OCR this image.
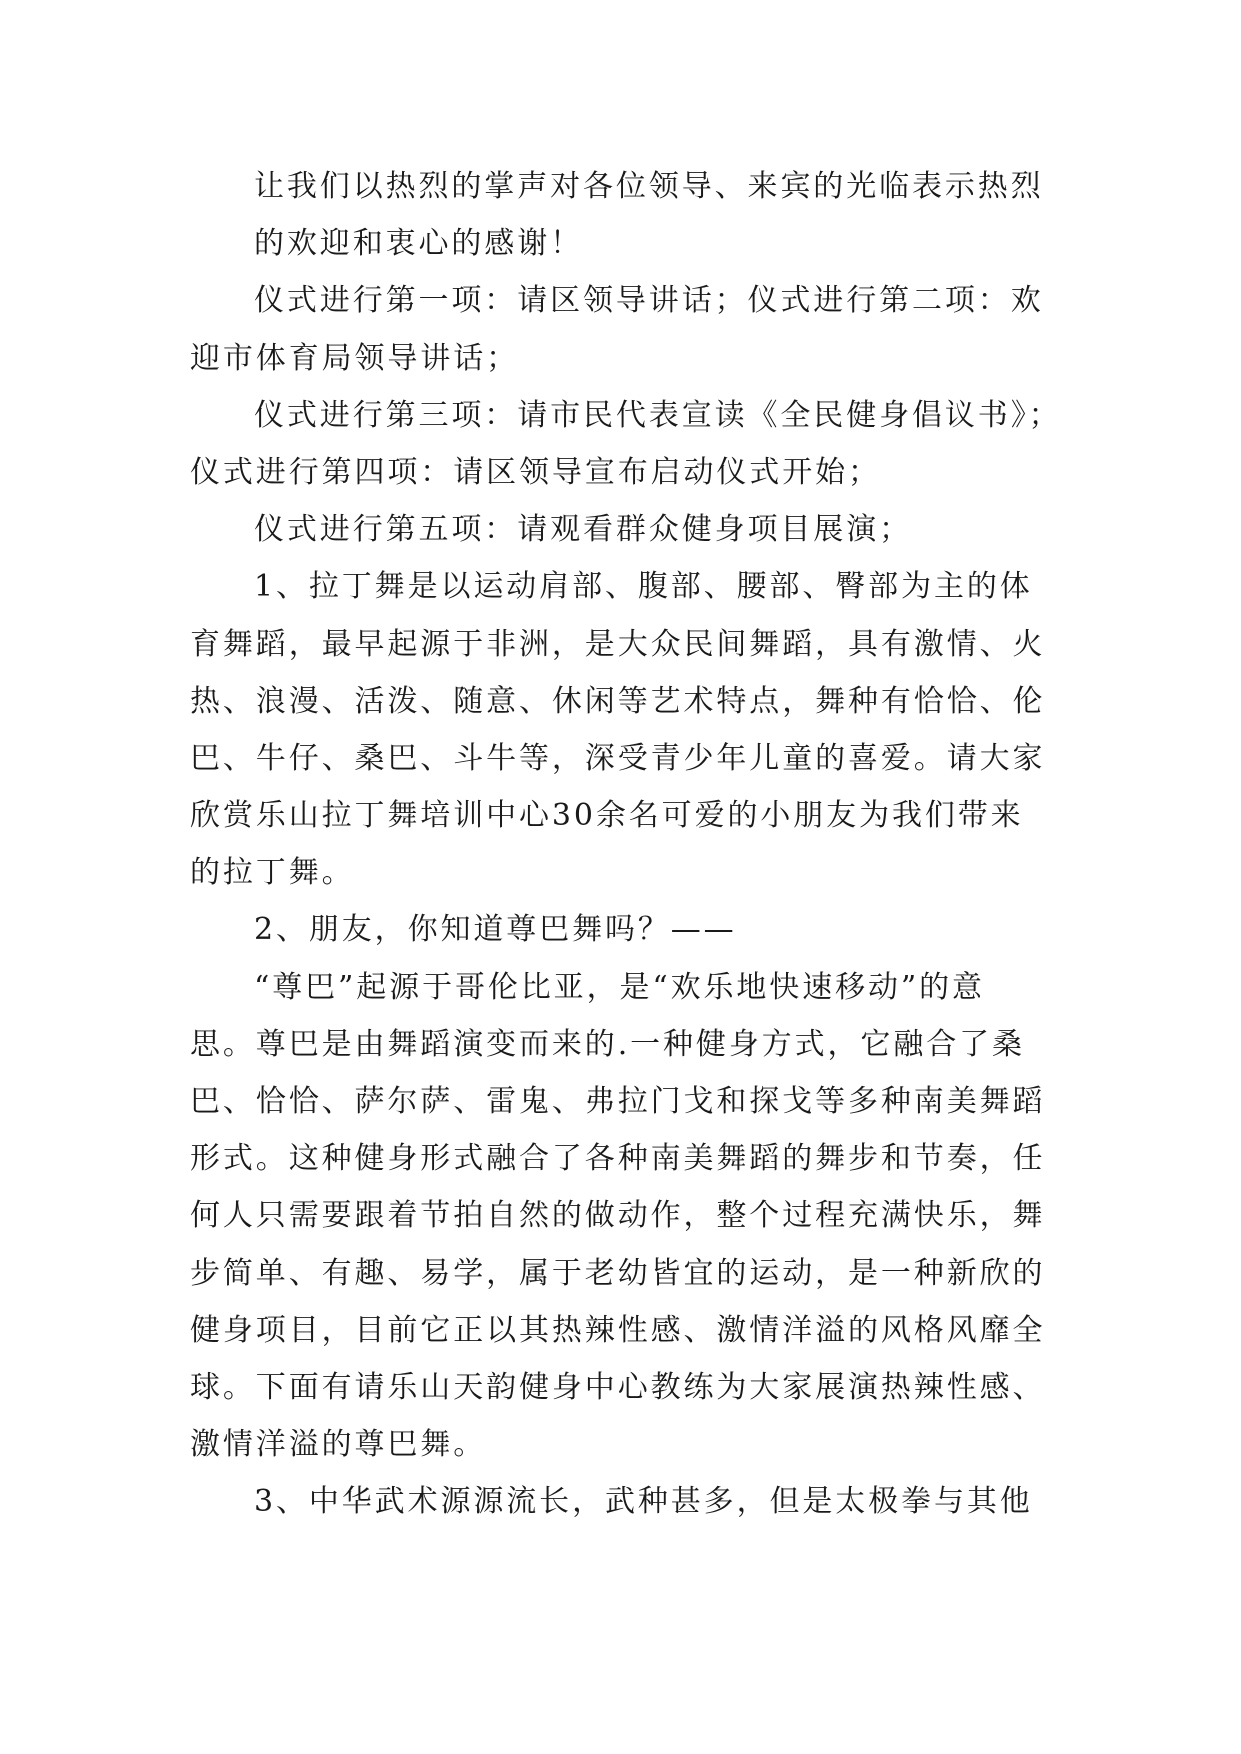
让我们以热烈的掌声对各位领导、来宾的光临表示热烈
的欢迎和衷心的感谢！
仪式进行第一项：请区领导讲话；仪式进行第二项：欢
迎市体育局领导讲话；
仪式进行第三项：请市民代表宣读《全民健身倡议书》；
仪式进行第四项：请区领导宣布启动仪式开始；
仪式进行第五项：请观看群众健身项目展演；
1、拉丁舞是以运动肩部、腹部、腰部、臀部为主的体
育舞蹈，最早起源于非洲，是大众民间舞蹈，具有激情、火
热、浪漫、活泼、随意、休闲等艺术特点，舞种有恰恰、伦
巴、牛仔、桑巴、斗牛等，深受青少年儿童的喜爱。请大家
欣赏乐山拉丁舞培训中心30余名可爱的小朋友为我们带来
的拉丁舞。
2、朋友，你知道尊巴舞吗？——
“尊巴”起源于哥伦比亚，是“欢乐地快速移动”的意
思。尊巴是由舞蹈演变而来的.一种健身方式，它融合了桑
巴、恰恰、萨尔萨、雷鬼、弗拉门戈和探戈等多种南美舞蹈
形式。这种健身形式融合了各种南美舞蹈的舞步和节奏，任
何人只需要跟着节拍自然的做动作，整个过程充满快乐，舞
步简单、有趣、易学，属于老幼皆宜的运动，是一种新欣的
健身项目，目前它正以其热辣性感、激情洋溢的风格风靡全
球。下面有请乐山天韵健身中心教练为大家展演热辣性感、
激情洋溢的尊巴舞。
3、中华武术源源流长，武种甚多，但是太极拳与其他
